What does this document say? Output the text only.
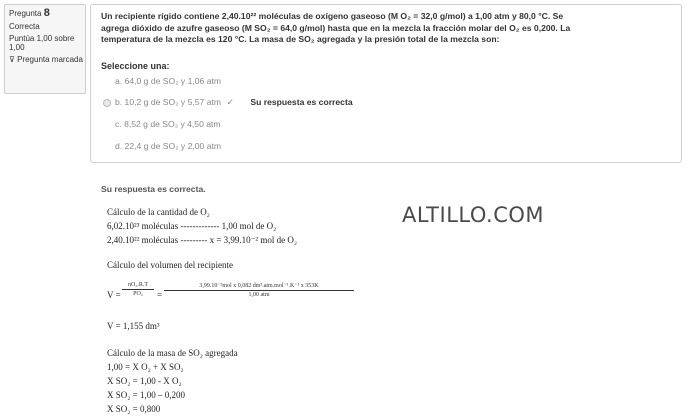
Pregunta 8
Correcta
Puntúa 1,00 sobre 1,00
⊽ Pregunta marcada
Un recipiente rígido contiene 2,40.10²² moléculas de oxígeno gaseoso (M O₂ = 32,0 g/mol) a 1,00 atm y 80,0 °C. Se
agrega dióxido de azufre gaseoso (M SO₂ = 64,0 g/mol) hasta que en la mezcla la fracción molar del O₂ es 0,200. La
temperatura de la mezcla es 120 °C. La masa de SO₂ agregada y la presión total de la mezcla son:
Seleccione una:
a. 64,0 g de SO₂ y 1,06 atm
b. 10,2 g de SO₂ y 5,57 atm ✓ Su respuesta es correcta
c. 8,52 g de SO₂ y 4,50 atm
d. 22,4 g de SO₂ y 2,00 atm
Su respuesta es correcta.
ALTILLO.COM
Cálculo de la cantidad de O₂
6,02.10²³ moléculas ------------- 1,00 mol de O₂
2,40.10²² moléculas --------- x = 3,99.10⁻² mol de O₂
Cálculo del volumen del recipiente
V =
nO₂.R.T
PO₂	=
3,99.10⁻²mol x 0,082 dm³.atm.mol⁻¹.K⁻¹ x 353K
1,00 atm
V = 1,155 dm³
Cálculo de la masa de SO₂ agregada
1,00 = X O₂ + X SO₂
X SO₂ = 1,00 - X O₂
X SO₂ = 1,00 – 0,200
X SO₂ = 0,800
